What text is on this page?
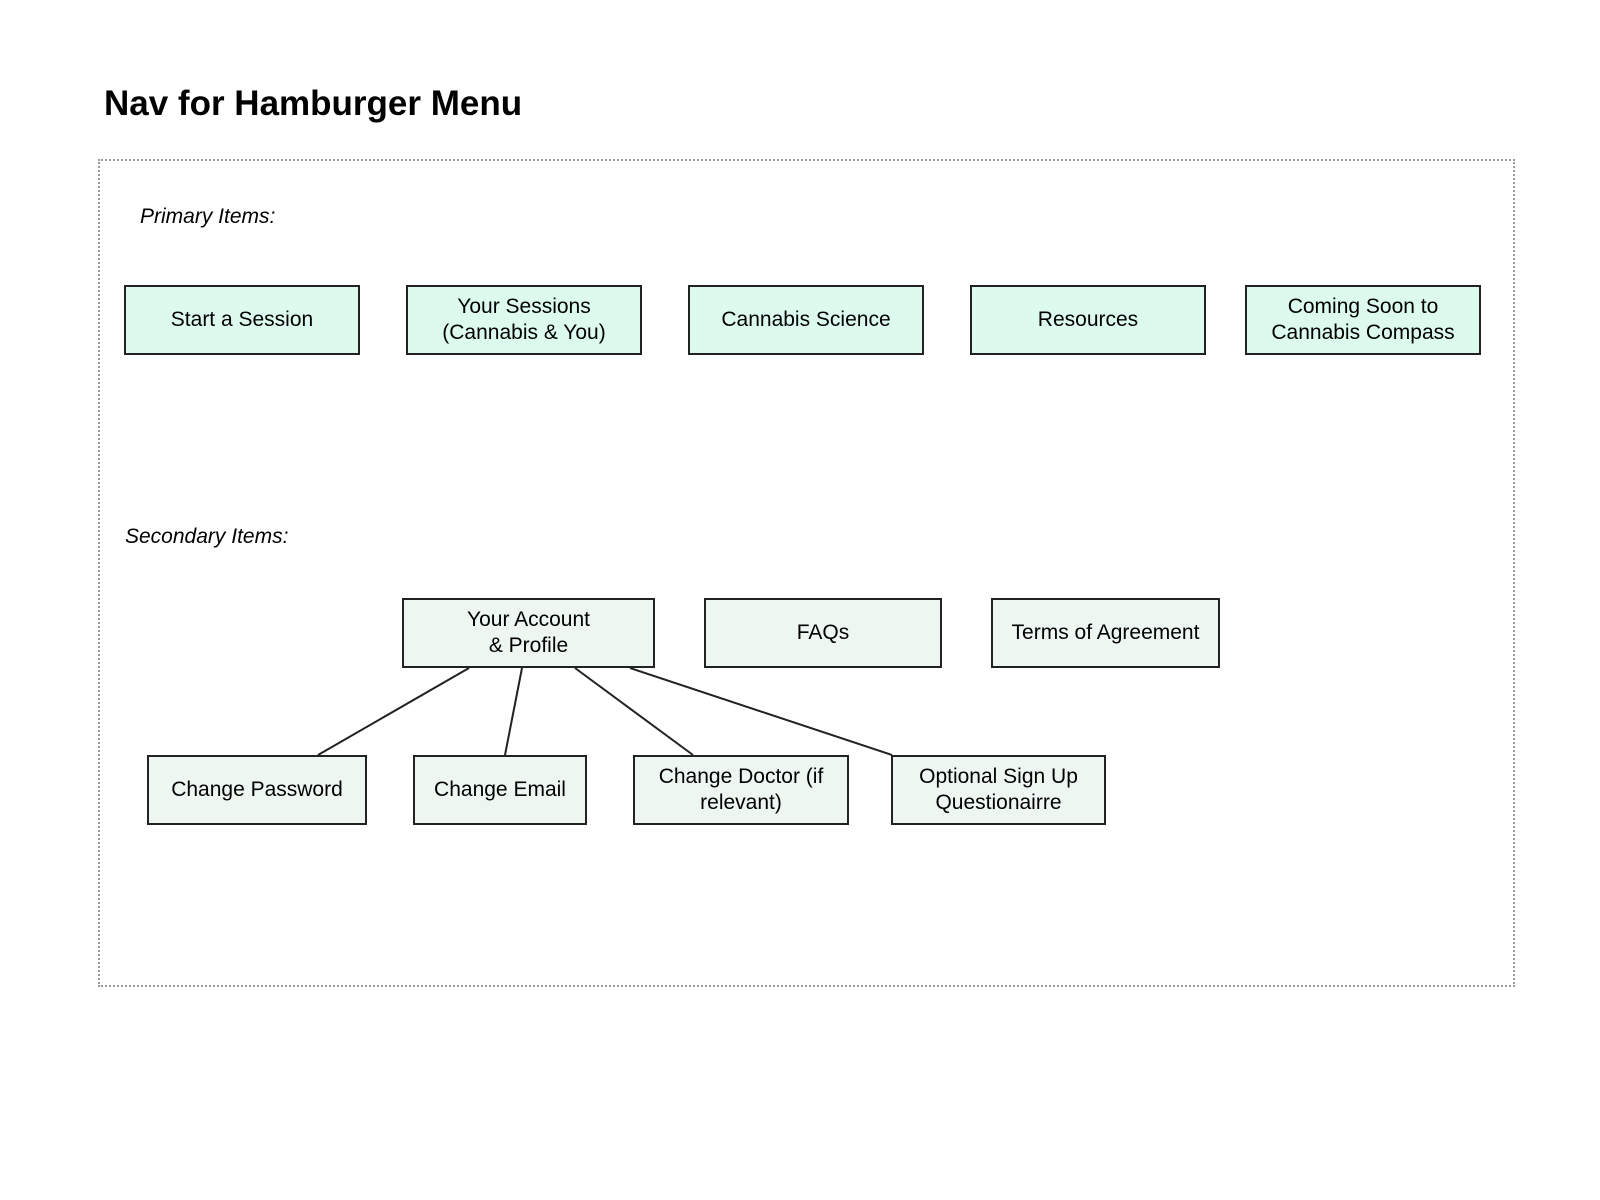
Nav for Hamburger Menu
Primary Items:
Start a Session
Your Sessions
(Cannabis & You)
Cannabis Science	Resources
Coming Soon to
Cannabis Compass
Secondary Items:
Your Account
& Profile
FAQs	Terms of Agreement
Change Password	Change Email
Change Doctor (if
relevant)
Optional Sign Up
Questionairre
